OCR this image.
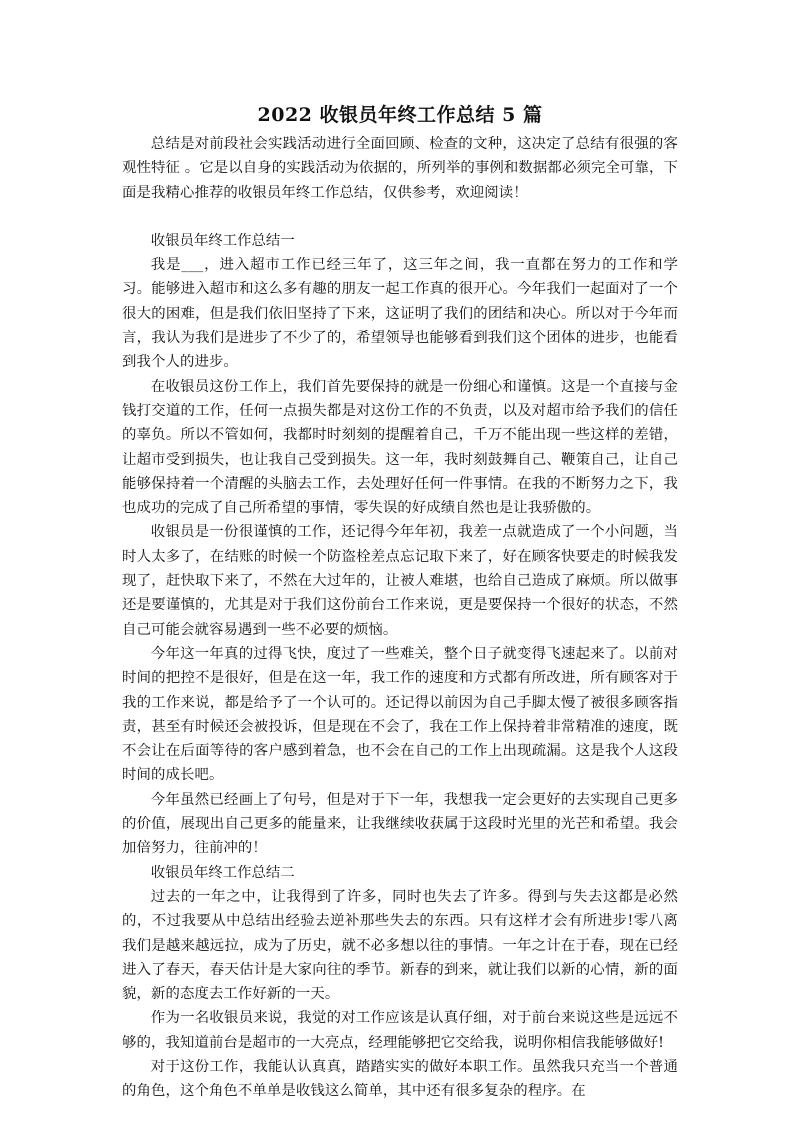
2022 收银员年终工作总结 5 篇

总结是对前段社会实践活动进行全面回顾、检查的文种，这决定了总结有很强的客观性特征 。它是以自身的实践活动为依据的，所列举的事例和数据都必须完全可靠，下面是我精心推荐的收银员年终工作总结，仅供参考，欢迎阅读！

收银员年终工作总结一

我是___，进入超市工作已经三年了，这三年之间，我一直都在努力的工作和学习。能够进入超市和这么多有趣的朋友一起工作真的很开心。今年我们一起面对了一个很大的困难，但是我们依旧坚持了下来，这证明了我们的团结和决心。所以对于今年而言，我认为我们是进步了不少了的，希望领导也能够看到我们这个团体的进步，也能看到我个人的进步。

在收银员这份工作上，我们首先要保持的就是一份细心和谨慎。这是一个直接与金钱打交道的工作，任何一点损失都是对这份工作的不负责，以及对超市给予我们的信任的辜负。所以不管如何，我都时时刻刻的提醒着自己，千万不能出现一些这样的差错，让超市受到损失，也让我自己受到损失。这一年，我时刻鼓舞自己、鞭策自己，让自己能够保持着一个清醒的头脑去工作，去处理好任何一件事情。在我的不断努力之下，我也成功的完成了自己所希望的事情，零失误的好成绩自然也是让我骄傲的。

收银员是一份很谨慎的工作，还记得今年年初，我差一点就造成了一个小问题，当时人太多了，在结账的时候一个防盗栓差点忘记取下来了，好在顾客快要走的时候我发现了，赶快取下来了，不然在大过年的，让被人难堪，也给自己造成了麻烦。所以做事还是要谨慎的，尤其是对于我们这份前台工作来说，更是要保持一个很好的状态，不然自己可能会就容易遇到一些不必要的烦恼。

今年这一年真的过得飞快，度过了一些难关，整个日子就变得飞速起来了。以前对时间的把控不是很好，但是在这一年，我工作的速度和方式都有所改进，所有顾客对于我的工作来说，都是给予了一个认可的。还记得以前因为自己手脚太慢了被很多顾客指责，甚至有时候还会被投诉，但是现在不会了，我在工作上保持着非常精准的速度，既不会让在后面等待的客户感到着急，也不会在自己的工作上出现疏漏。这是我个人这段时间的成长吧。

今年虽然已经画上了句号，但是对于下一年，我想我一定会更好的去实现自己更多的价值，展现出自己更多的能量来，让我继续收获属于这段时光里的光芒和希望。我会加倍努力，往前冲的！

收银员年终工作总结二

过去的一年之中，让我得到了许多，同时也失去了许多。得到与失去这都是必然的，不过我要从中总结出经验去逆补那些失去的东西。只有这样才会有所进步!零八离我们是越来越远拉，成为了历史，就不必多想以往的事情。一年之计在于春，现在已经进入了春天，春天估计是大家向往的季节。新春的到来，就让我们以新的心情，新的面貌，新的态度去工作好新的一天。

作为一名收银员来说，我觉的对工作应该是认真仔细，对于前台来说这些是远远不够的，我知道前台是超市的一大亮点，经理能够把它交给我，说明你相信我能够做好!

对于这份工作，我能认认真真，踏踏实实的做好本职工作。虽然我只充当一个普通的角色，这个角色不单单是收钱这么简单，其中还有很多复杂的程序。在
